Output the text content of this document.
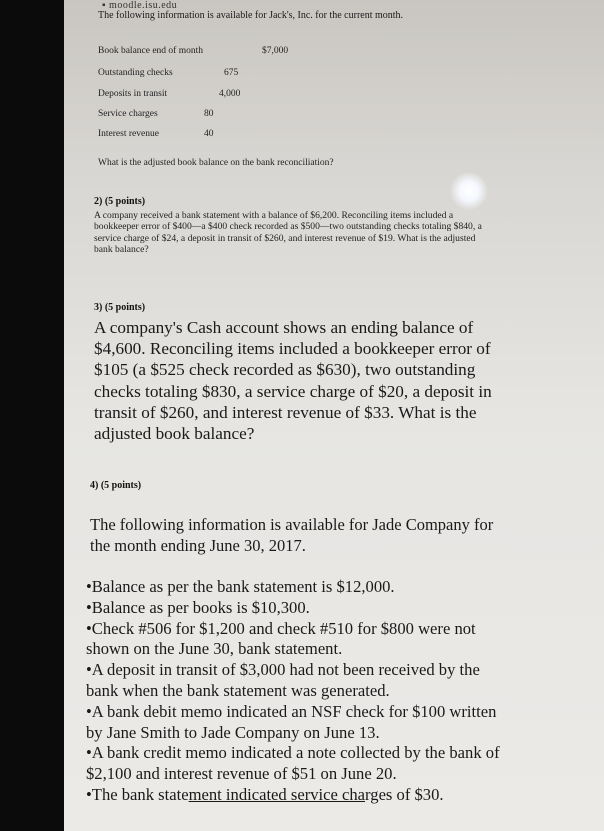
▪ moodle.isu.edu
The following information is available for Jack's, Inc. for the current month.
Book balance end of month	$7,000
Outstanding checks	675
Deposits in transit	4,000
Service charges	80
Interest revenue	40
What is the adjusted book balance on the bank reconciliation?
2) (5 points)
A company received a bank statement with a balance of $6,200. Reconciling items included a bookkeeper error of $400—a $400 check recorded as $500—two outstanding checks totaling $840, a service charge of $24, a deposit in transit of $260, and interest revenue of $19. What is the adjusted bank balance?
3) (5 points)
A company's Cash account shows an ending balance of $4,600. Reconciling items included a bookkeeper error of $105 (a $525 check recorded as $630), two outstanding checks totaling $830, a service charge of $20, a deposit in transit of $260, and interest revenue of $33. What is the adjusted book balance?
4) (5 points)
The following information is available for Jade Company for the month ending June 30, 2017.

•Balance as per the bank statement is $12,000.

•Balance as per books is $10,300.

•Check #506 for $1,200 and check #510 for $800 were not shown on the June 30, bank statement.

•A deposit in transit of $3,000 had not been received by the bank when the bank statement was generated.

•A bank debit memo indicated an NSF check for $100 written by Jane Smith to Jade Company on June 13.

•A bank credit memo indicated a note collected by the bank of $2,100 and interest revenue of $51 on June 20.

•The bank statement indicated service charges of $30.
